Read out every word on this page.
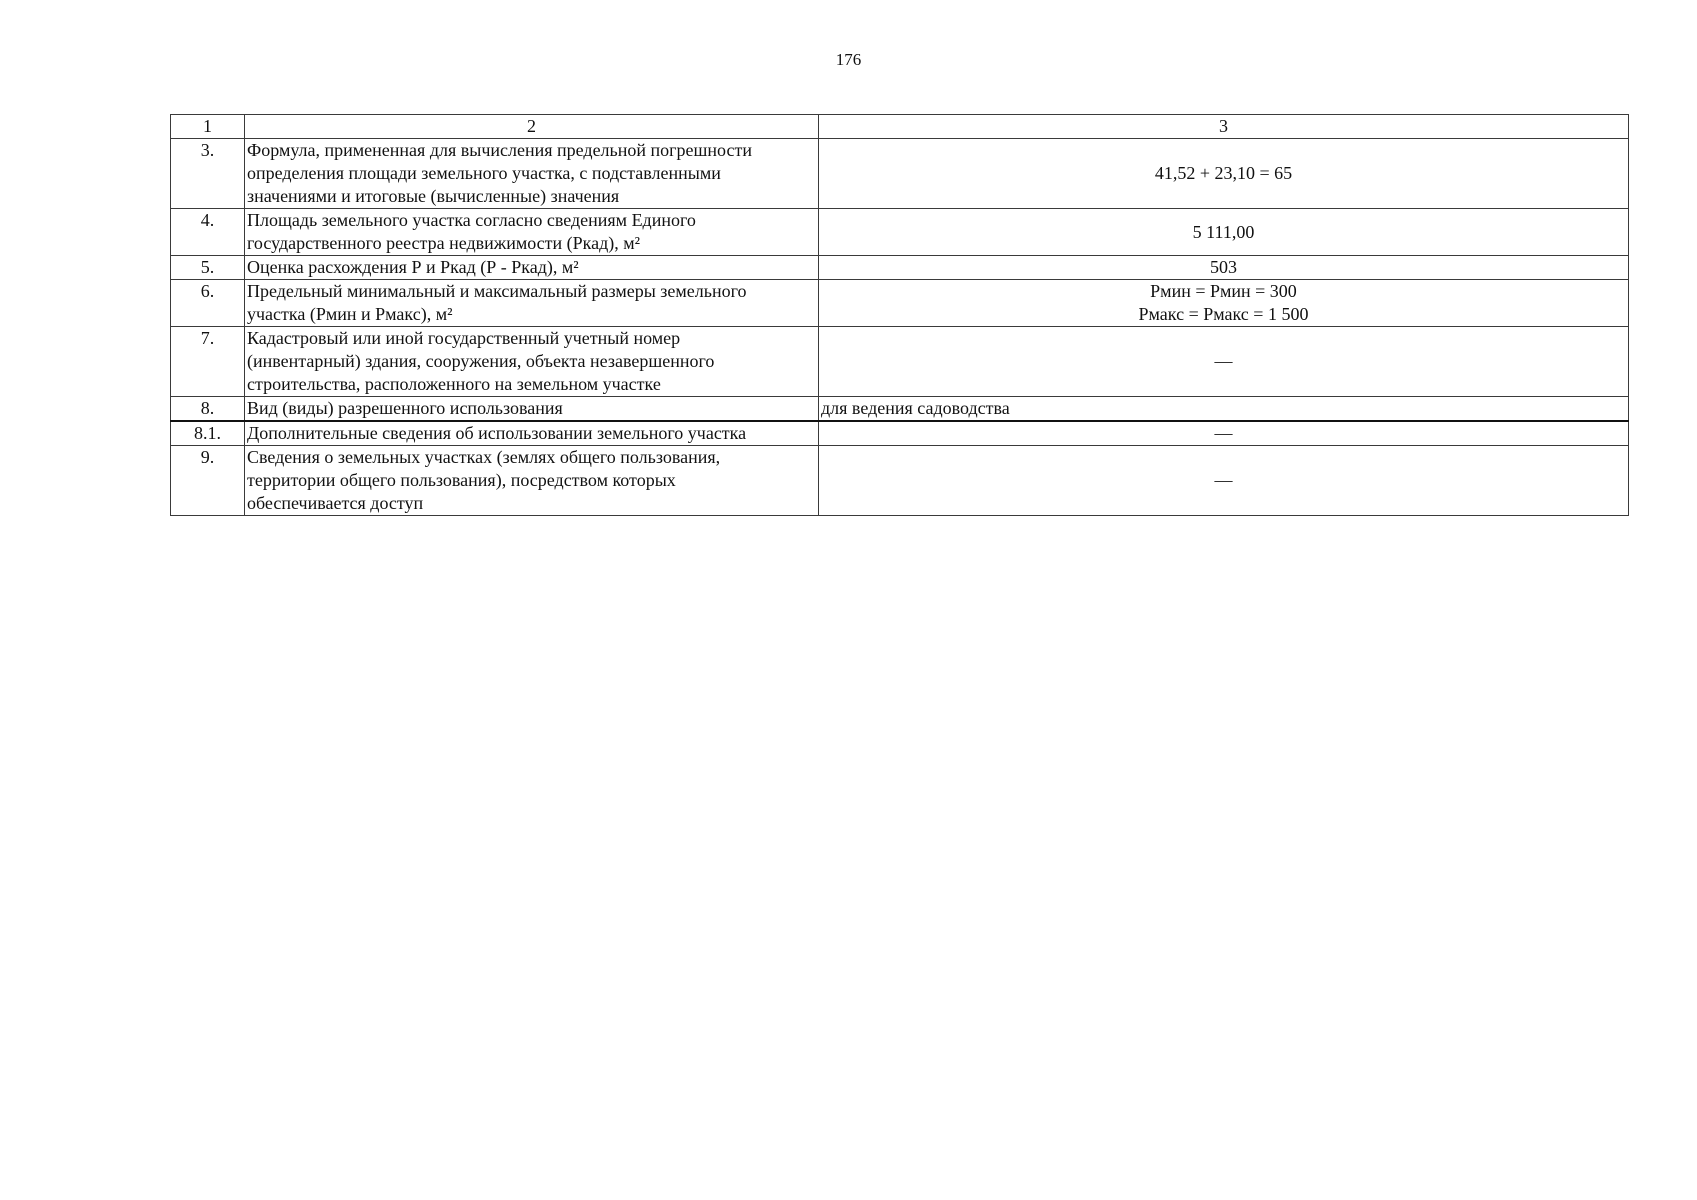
176
1	2	3
3.	Формула, примененная для вычисления предельной погрешности
определения площади земельного участка, с подставленными
значениями и итоговые (вычисленные) значения	41,52 + 23,10 = 65

4.	Площадь земельного участка согласно сведениям Единого
государственного реестра недвижимости (Ркад), м²	5 111,00

5.	Оценка расхождения Р и Ркад (Р - Ркад), м²	503

6.	Предельный минимальный и максимальный размеры земельного
участка (Рмин и Рмакс), м²	Рмин = Рмин = 300
Рмакс = Рмакс = 1 500

7.	Кадастровый или иной государственный учетный номер
(инвентарный) здания, сооружения, объекта незавершенного
строительства, расположенного на земельном участке	—

8.	Вид (виды) разрешенного использования	для ведения садоводства

8.1.	Дополнительные сведения об использовании земельного участка	—

9.	Сведения о земельных участках (землях общего пользования,
территории общего пользования), посредством которых
обеспечивается доступ	—
